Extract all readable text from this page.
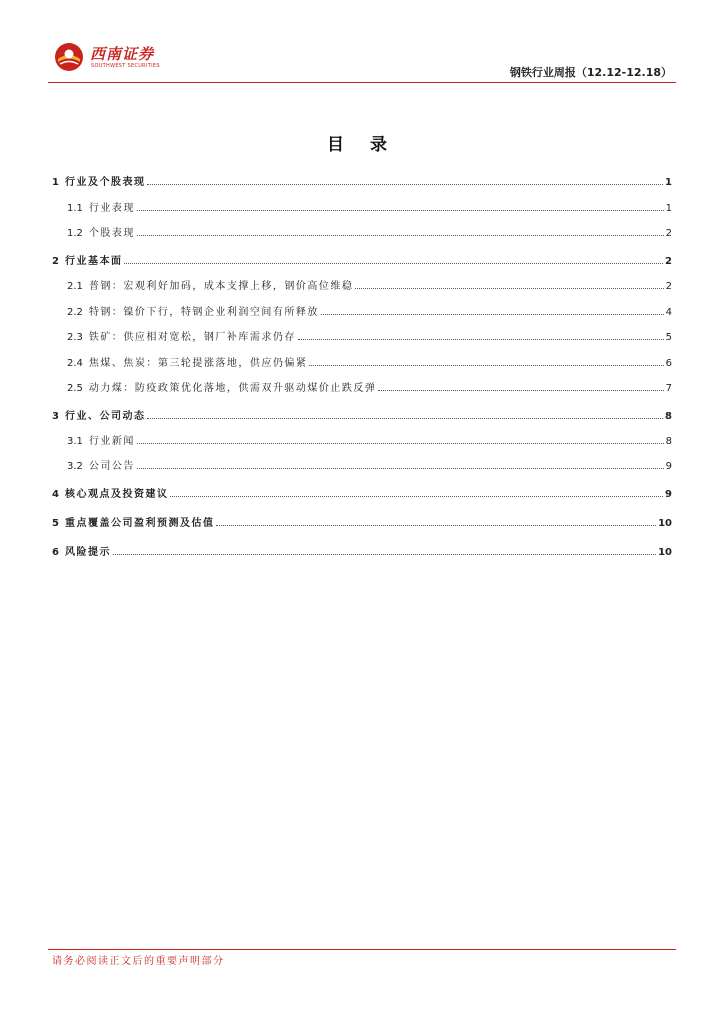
西南证券
SOUTHWEST SECURITIES	钢铁行业周报（12.12-12.18）
目 录
1 行业及个股表现	1
1.1 行业表现	1
1.2 个股表现	2
2 行业基本面	2
2.1 普钢：宏观利好加码，成本支撑上移，钢价高位维稳	2
2.2 特钢：镍价下行，特钢企业利润空间有所释放	4
2.3 铁矿：供应相对宽松，钢厂补库需求仍存	5
2.4 焦煤、焦炭：第三轮提涨落地，供应仍偏紧	6
2.5 动力煤：防疫政策优化落地，供需双升驱动煤价止跌反弹	7
3 行业、公司动态	8
3.1 行业新闻	8
3.2 公司公告	9
4 核心观点及投资建议	9
5 重点覆盖公司盈利预测及估值	10
6 风险提示	10
请务必阅读正文后的重要声明部分
